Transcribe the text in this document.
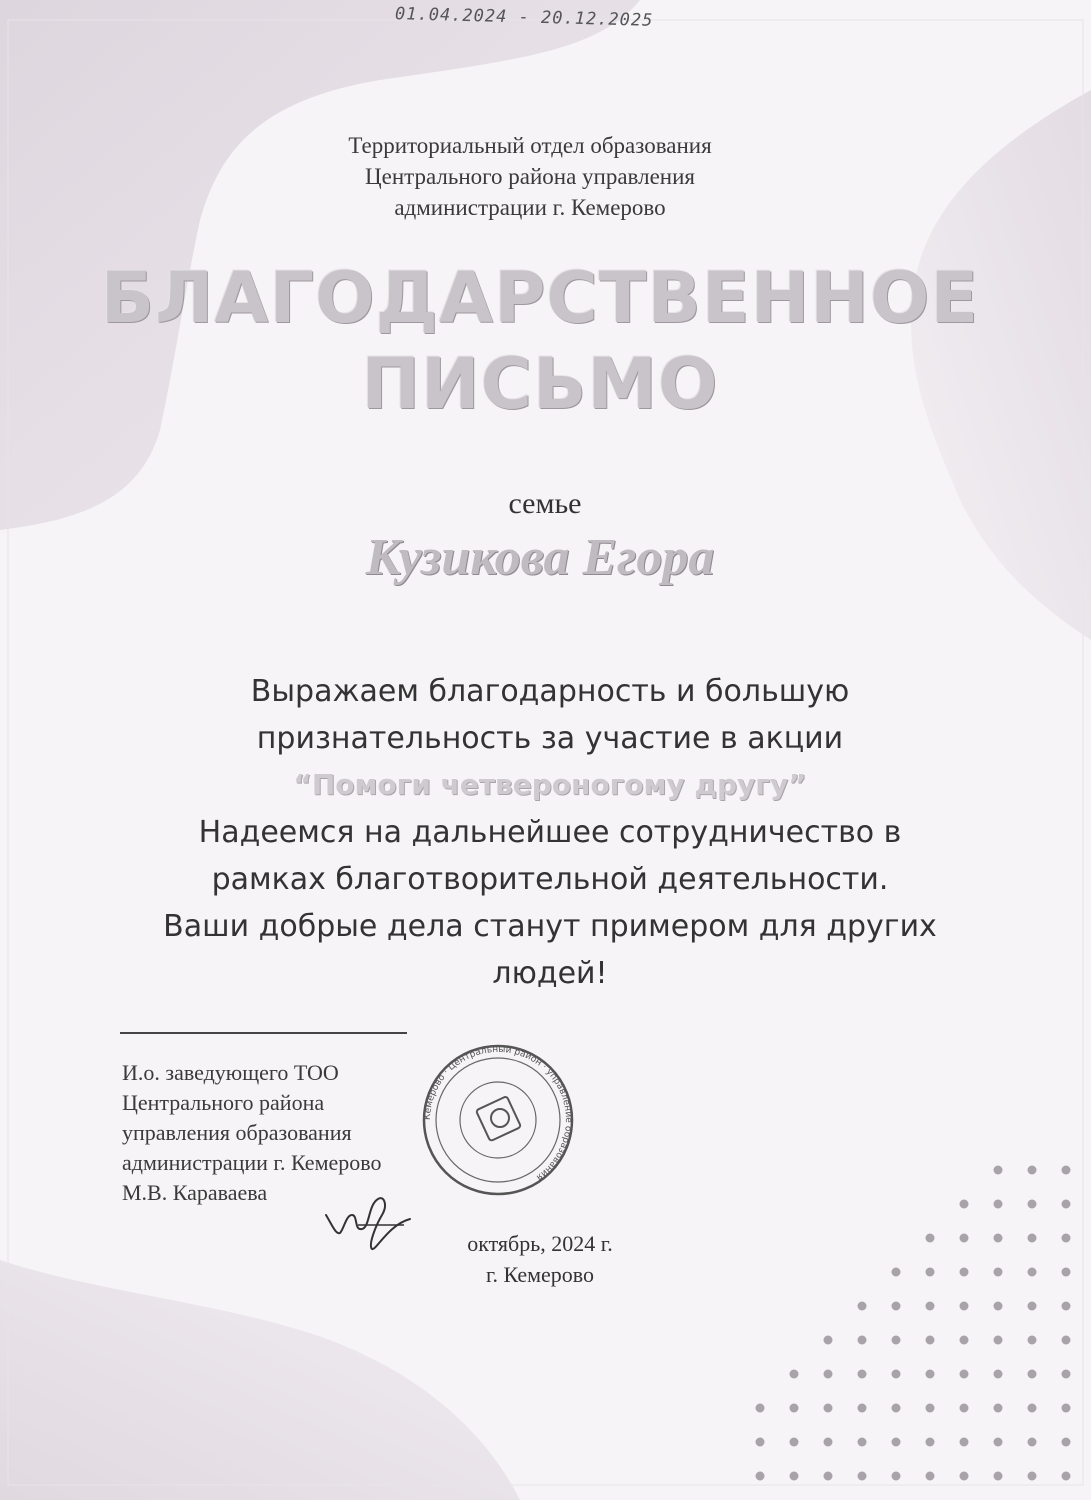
01.04.2024 - 20.12.2025
Территориальный отдел образования
Центрального района управления
администрации г. Кемерово
БЛАГОДАРСТВЕННОЕ
ПИСЬМО
семье
Кузикова Егора
Выражаем благодарность и большую
признательность за участие в акции
“Помоги четвероногому другу”
Надеемся на дальнейшее сотрудничество в
рамках благотворительной деятельности.
Ваши добрые дела станут примером для других
людей!
И.о. заведующего ТОО
Центрального района
управления образования
администрации г. Кемерово
М.В. Караваева
Кемерово · Центральный район · управление образования
октябрь, 2024 г.
г. Кемерово
